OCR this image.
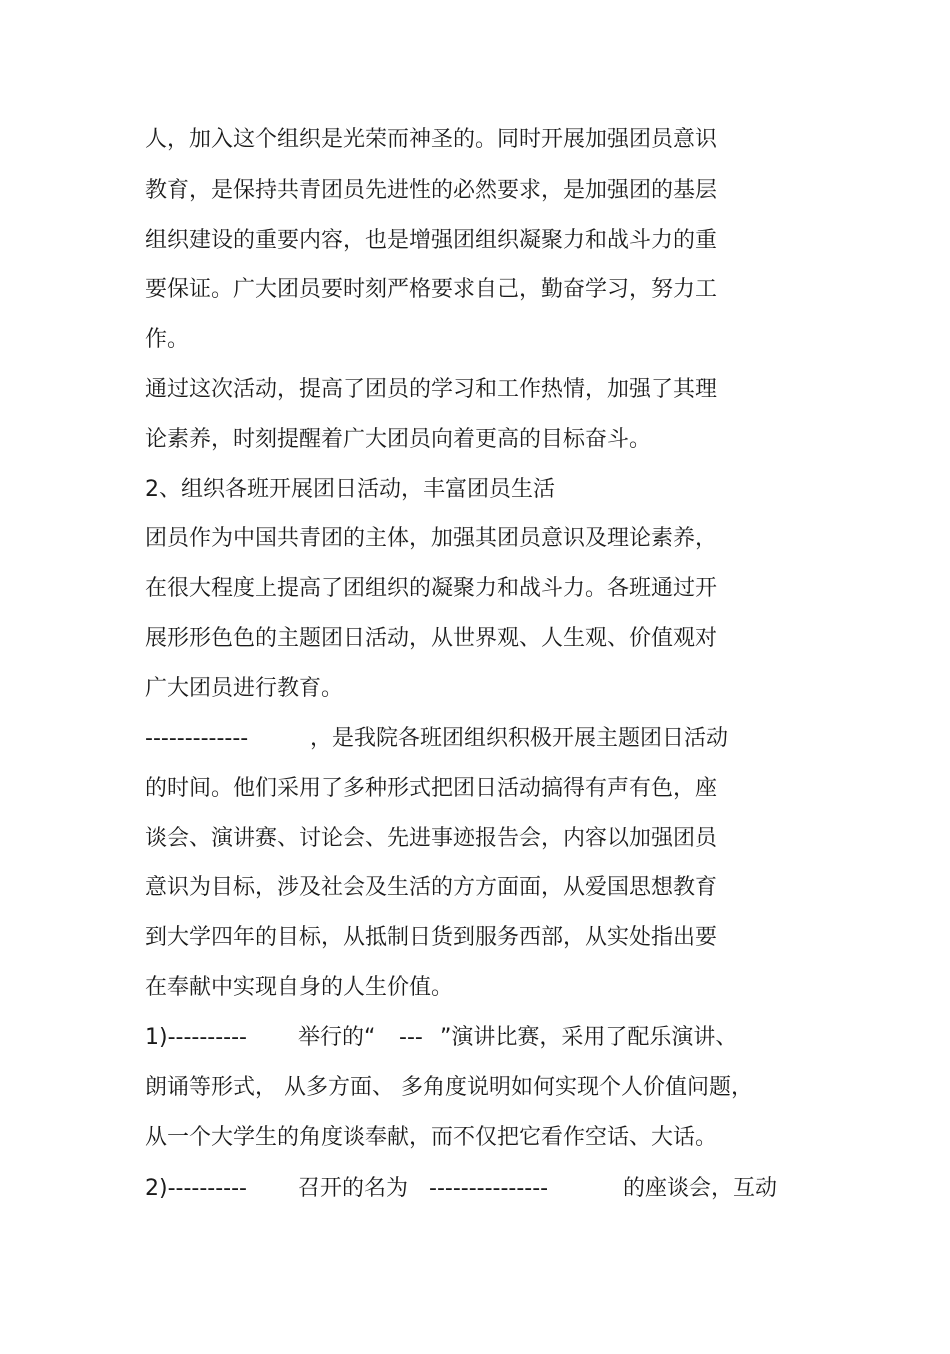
人，加入这个组织是光荣而神圣的。同时开展加强团员意识
教育，是保持共青团员先进性的必然要求，是加强团的基层
组织建设的重要内容，也是增强团组织凝聚力和战斗力的重
要保证。广大团员要时刻严格要求自己，勤奋学习，努力工
作。
通过这次活动，提高了团员的学习和工作热情，加强了其理
论素养，时刻提醒着广大团员向着更高的目标奋斗。
2、组织各班开展团日活动，丰富团员生活
团员作为中国共青团的主体，加强其团员意识及理论素养，
在很大程度上提高了团组织的凝聚力和战斗力。各班通过开
展形形色色的主题团日活动，从世界观、人生观、价值观对
广大团员进行教育。

-------------

	，是我院各班团组织积极开展主题团日活动

的时间。他们采用了多种形式把团日活动搞得有声有色，座
谈会、演讲赛、讨论会、先进事迹报告会，内容以加强团员
意识为目标，涉及社会及生活的方方面面，从爱国思想教育
到大学四年的目标，从抵制日货到服务西部，从实处指出要
在奉献中实现自身的人生价值。

1)----------

举行的“

---

”演讲比赛，采用了配乐演讲、

朗诵等形式， 从多方面、 多角度说明如何实现个人价值问题，
从一个大学生的角度谈奉献，而不仅把它看作空话、大话。

2)----------

召开的名为

---------------

	的座谈会，互动
